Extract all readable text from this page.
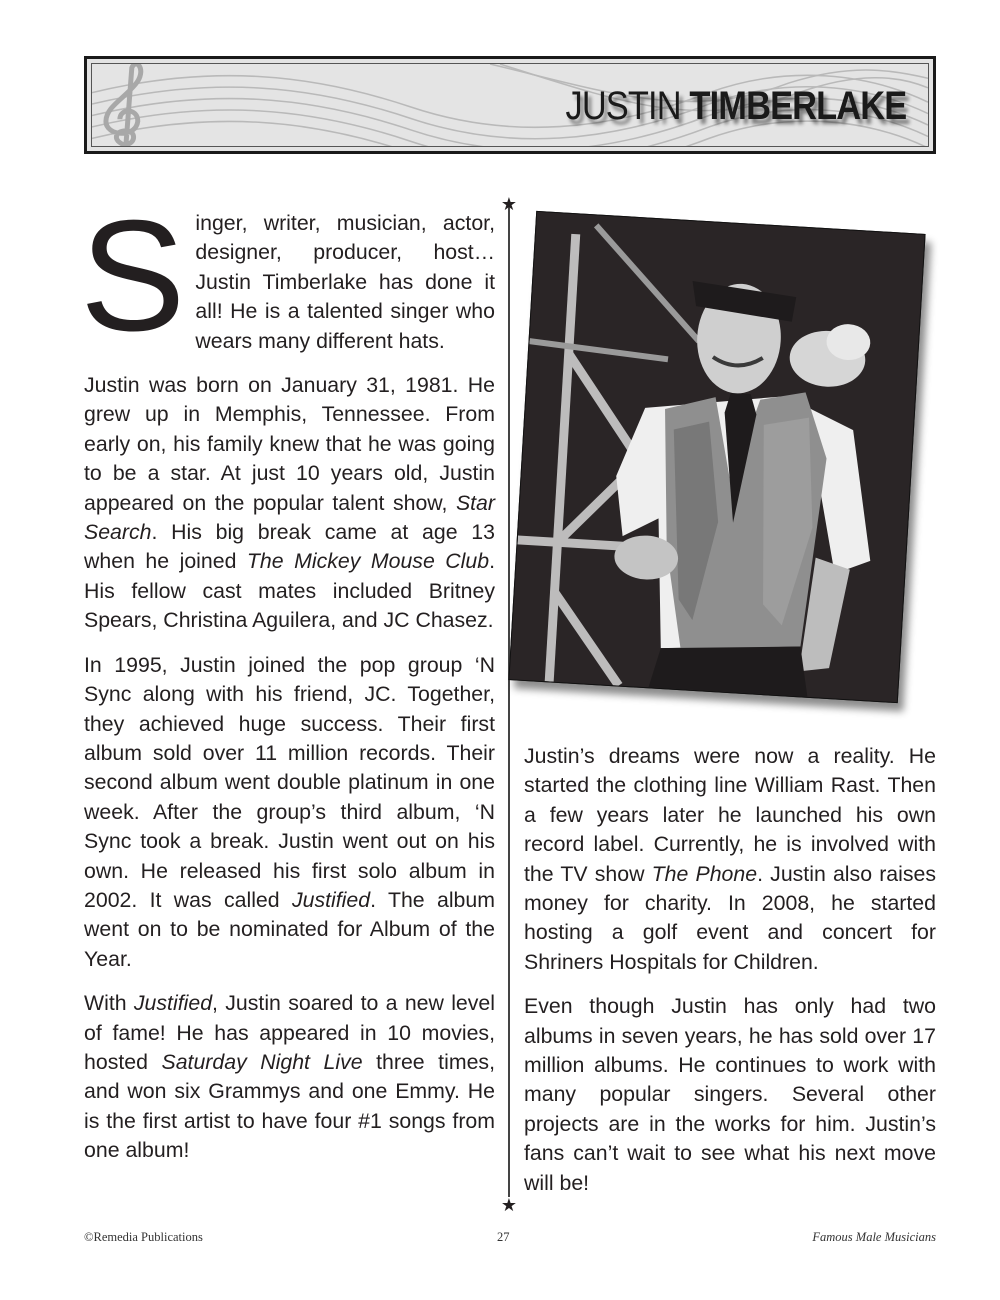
JUSTIN TIMBERLAKE

Singer, writer, musician, actor, designer, producer, host… Justin Timberlake has done it all! He is a talented singer who wears many different hats.

Justin was born on January 31, 1981. He grew up in Memphis, Tennessee. From early on, his family knew that he was going to be a star. At just 10 years old, Justin appeared on the popular talent show, Star Search. His big break came at age 13 when he joined The Mickey Mouse Club. His fellow cast mates included Britney Spears, Christina Aguilera, and JC Chasez.

In 1995, Justin joined the pop group ‘N Sync along with his friend, JC. Together, they achieved huge success. Their first album sold over 11 million records. Their second album went double platinum in one week. After the group’s third album, ‘N Sync took a break. Justin went out on his own. He released his first solo album in 2002. It was called Justified. The album went on to be nominated for Album of the Year.

With Justified, Justin soared to a new level of fame! He has appeared in 10 movies, hosted Saturday Night Live three times, and won six Grammys and one Emmy. He is the first artist to have four #1 songs from one album!

★
★

Justin’s dreams were now a reality. He started the clothing line William Rast. Then a few years later he launched his own record label. Currently, he is involved with the TV show The Phone. Justin also raises money for charity. In 2008, he started hosting a golf event and concert for Shriners Hospitals for Children.

Even though Justin has only had two albums in seven years, he has sold over 17 million albums. He continues to work with many popular singers. Several other projects are in the works for him. Justin’s fans can’t wait to see what his next move will be!

©Remedia Publications	27	Famous Male Musicians
